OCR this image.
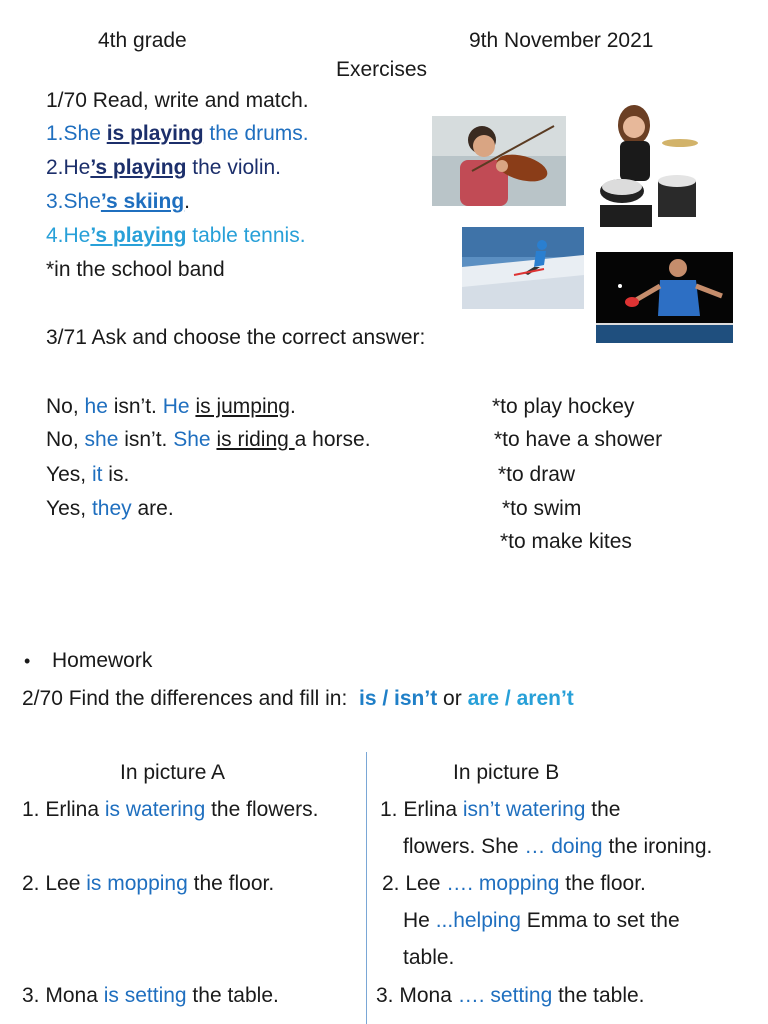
4th grade	9th November 2021
Exercises
1/70 Read, write and match.
1.She is playing the drums.
2.He’s playing the violin.
3.She’s skiing.
4.He’s playing table tennis.
*in the school band
3/71 Ask and choose the correct answer:
No, he isn’t. He is jumping.
No, she isn’t. She is riding a horse.
Yes, it is.
Yes, they are.
*to play hockey
*to have a shower
*to draw
*to swim
*to make kites
• Homework
2/70 Find the differences and fill in: is / isn’t or are / aren’t
In picture A	In picture B
1. Erlina is watering the flowers.
2. Lee is mopping the floor.
3. Mona is setting the table.
1. Erlina isn’t watering the
flowers. She … doing the ironing.
2. Lee …. mopping the floor.
He ...helping Emma to set the
table.
3. Mona …. setting the table.
